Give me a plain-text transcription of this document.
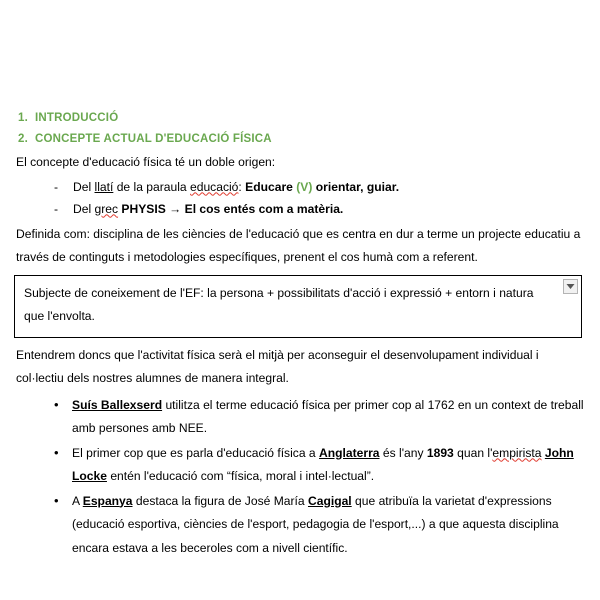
1. INTRODUCCIÓ
2. CONCEPTE ACTUAL D'EDUCACIÓ FÍSICA

El concepte d'educació física té un doble origen:

- Del llatí de la paraula educació: Educare (V) orientar, guiar.
- Del grec PHYSIS → El cos entés com a matèria.

Definida com: disciplina de les ciències de l'educació que es centra en dur a terme un projecte educatiu a través de continguts i metodologies específiques, prenent el cos humà com a referent.

Subjecte de coneixement de l'EF: la persona + possibilitats d'acció i expressió + entorn i natura que l'envolta.

Entendrem doncs que l'activitat física serà el mitjà per aconseguir el desenvolupament individual i col·lectiu dels nostres alumnes de manera integral.

• Suís Ballexserd utilitza el terme educació física per primer cop al 1762 en un context de treball amb persones amb NEE.
• El primer cop que es parla d'educació física a Anglaterra és l'any 1893 quan l'empirista John Locke entén l'educació com “física, moral i intel·lectual”.
• A Espanya destaca la figura de José María Cagigal que atribuïa la varietat d'expressions (educació esportiva, ciències de l'esport, pedagogia de l'esport,...) a que aquesta disciplina encara estava a les beceroles com a nivell científic.
